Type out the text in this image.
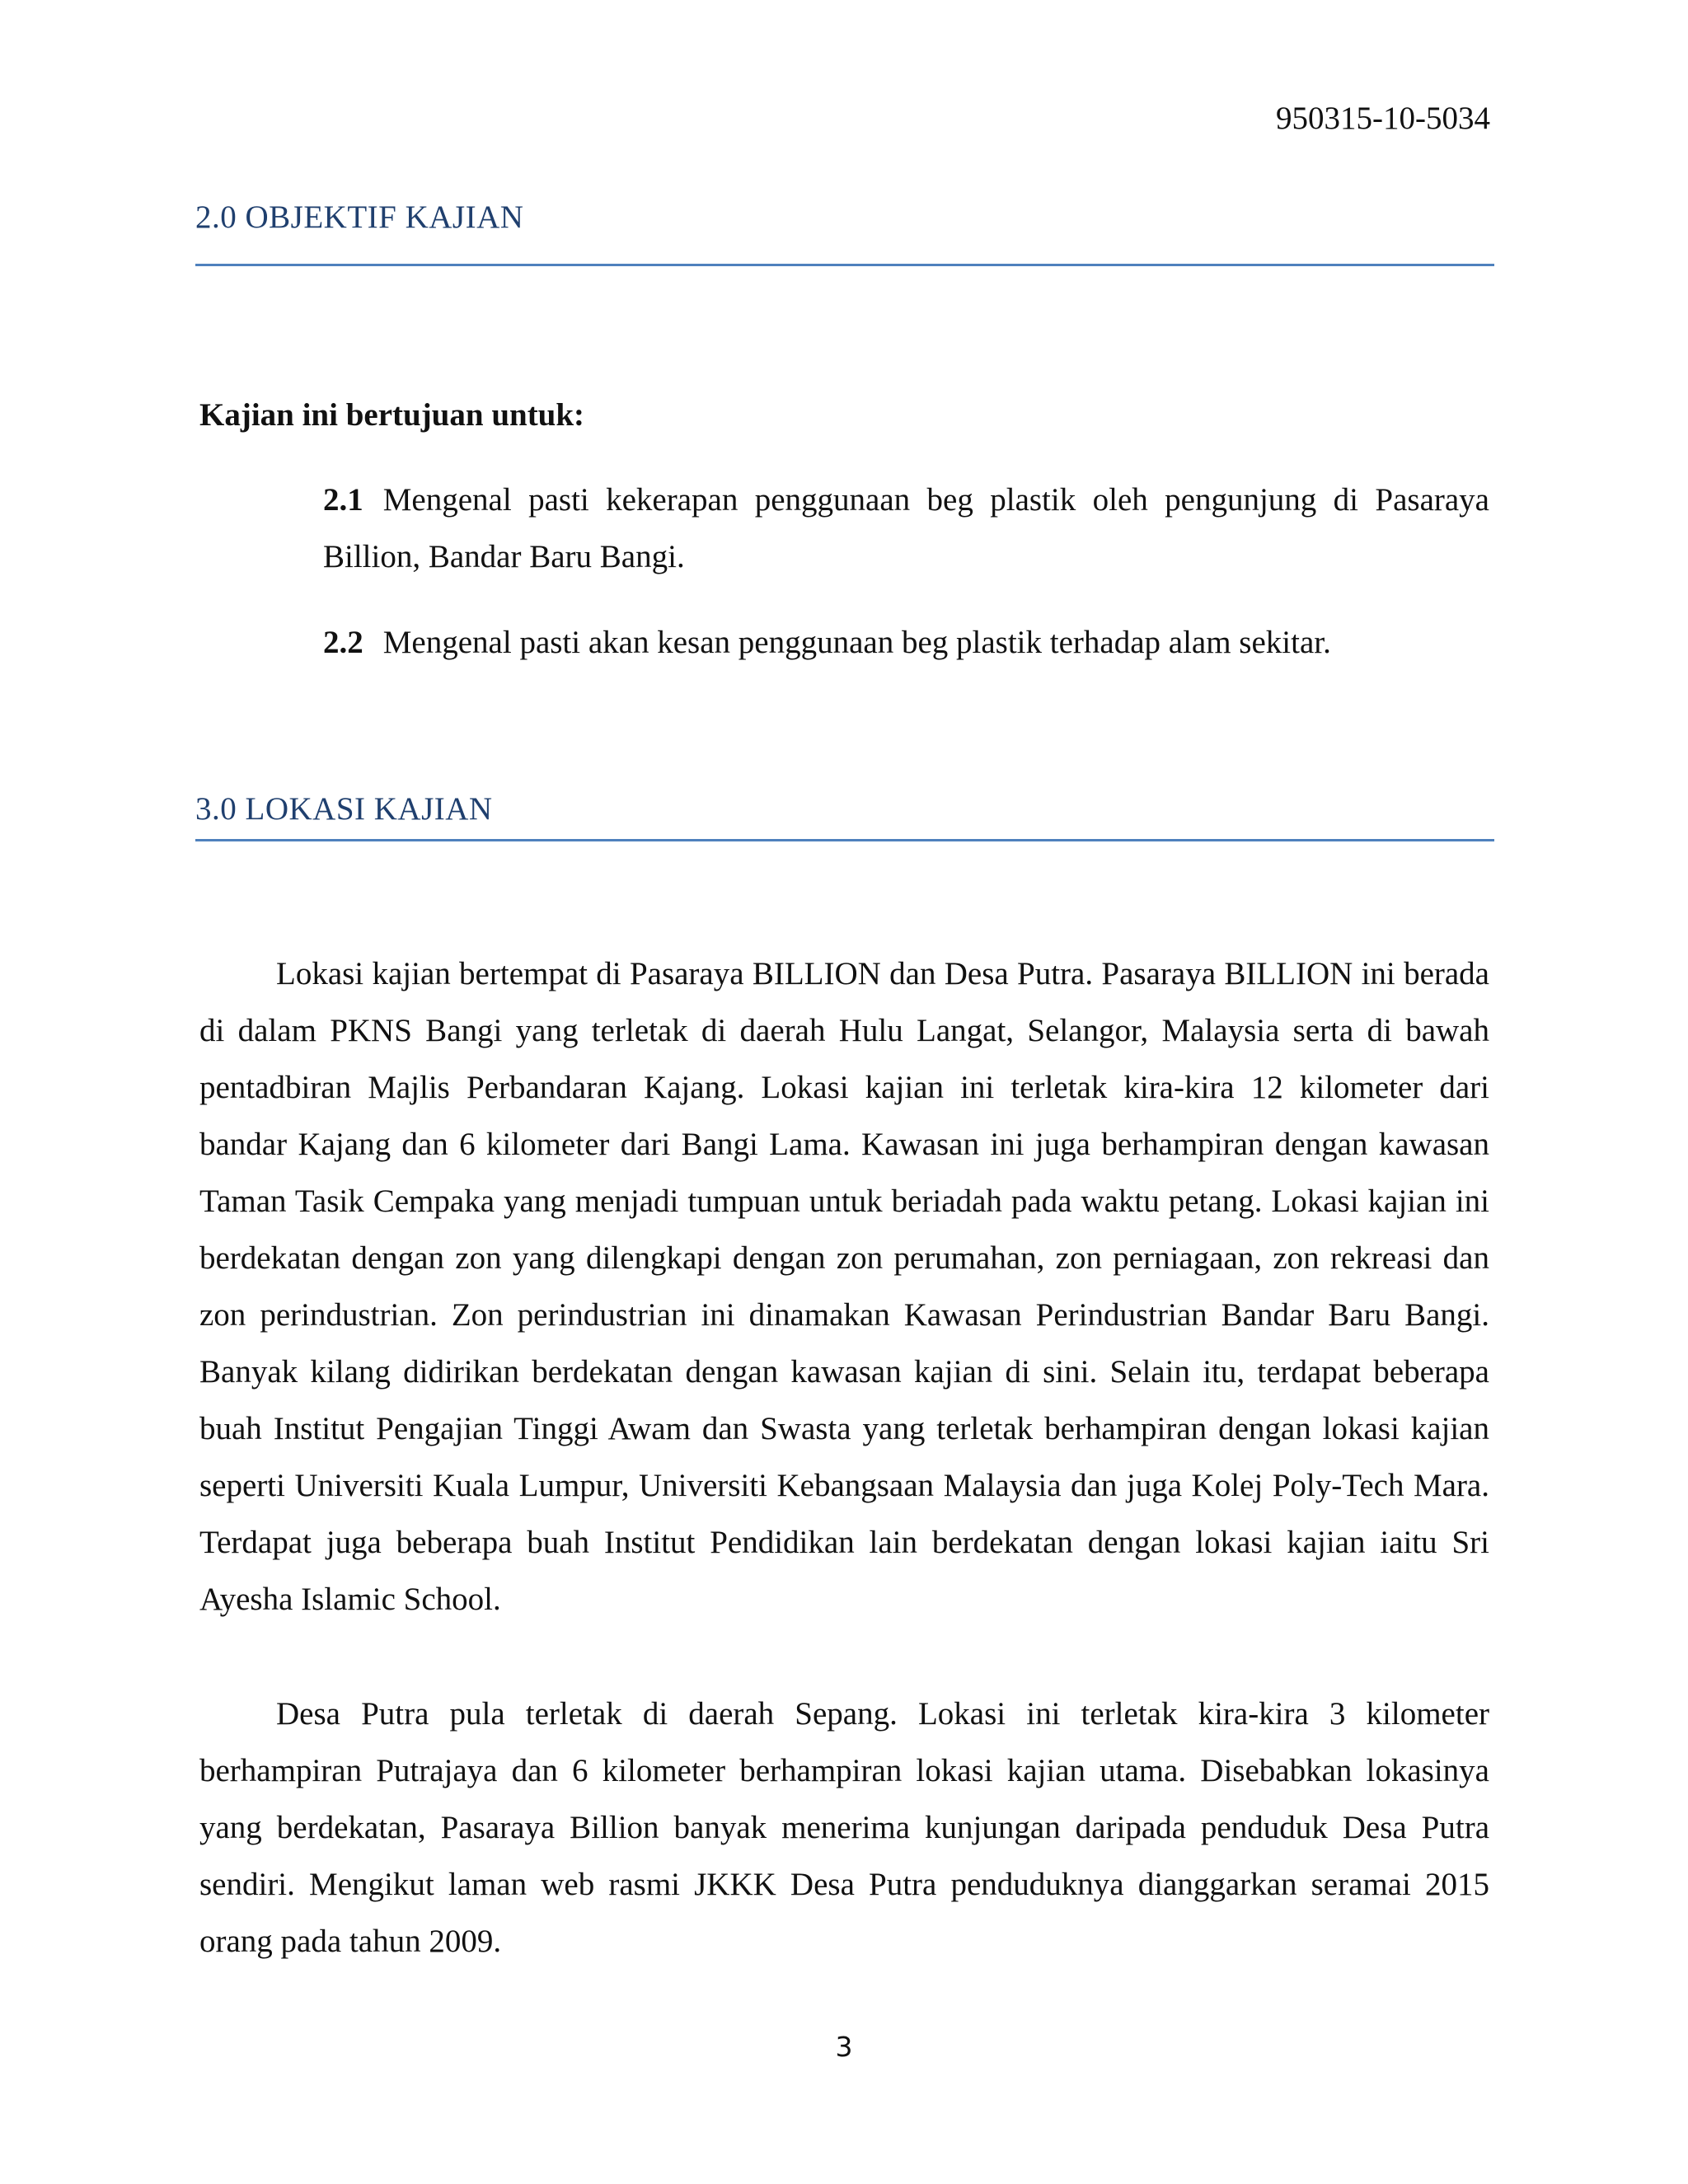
950315-10-5034
2.0 OBJEKTIF KAJIAN
Kajian ini bertujuan untuk:
2.1 Mengenal pasti kekerapan penggunaan beg plastik oleh pengunjung di Pasaraya Billion, Bandar Baru Bangi.
2.2 Mengenal pasti akan kesan penggunaan beg plastik terhadap alam sekitar.
3.0 LOKASI KAJIAN
Lokasi kajian bertempat di Pasaraya BILLION dan Desa Putra. Pasaraya BILLION ini berada di dalam PKNS Bangi yang terletak di daerah Hulu Langat, Selangor, Malaysia serta di bawah pentadbiran Majlis Perbandaran Kajang. Lokasi kajian ini terletak kira-kira 12 kilometer dari bandar Kajang dan 6 kilometer dari Bangi Lama. Kawasan ini juga berhampiran dengan kawasan Taman Tasik Cempaka yang menjadi tumpuan untuk beriadah pada waktu petang. Lokasi kajian ini berdekatan dengan zon yang dilengkapi dengan zon perumahan, zon perniagaan, zon rekreasi dan zon perindustrian. Zon perindustrian ini dinamakan Kawasan Perindustrian Bandar Baru Bangi. Banyak kilang didirikan berdekatan dengan kawasan kajian di sini. Selain itu, terdapat beberapa buah Institut Pengajian Tinggi Awam dan Swasta yang terletak berhampiran dengan lokasi kajian seperti Universiti Kuala Lumpur, Universiti Kebangsaan Malaysia dan juga Kolej Poly-Tech Mara. Terdapat juga beberapa buah Institut Pendidikan lain berdekatan dengan lokasi kajian iaitu Sri Ayesha Islamic School.
Desa Putra pula terletak di daerah Sepang. Lokasi ini terletak kira-kira 3 kilometer berhampiran Putrajaya dan 6 kilometer berhampiran lokasi kajian utama. Disebabkan lokasinya yang berdekatan, Pasaraya Billion banyak menerima kunjungan daripada penduduk Desa Putra sendiri. Mengikut laman web rasmi JKKK Desa Putra penduduknya dianggarkan seramai 2015 orang pada tahun 2009.
3
